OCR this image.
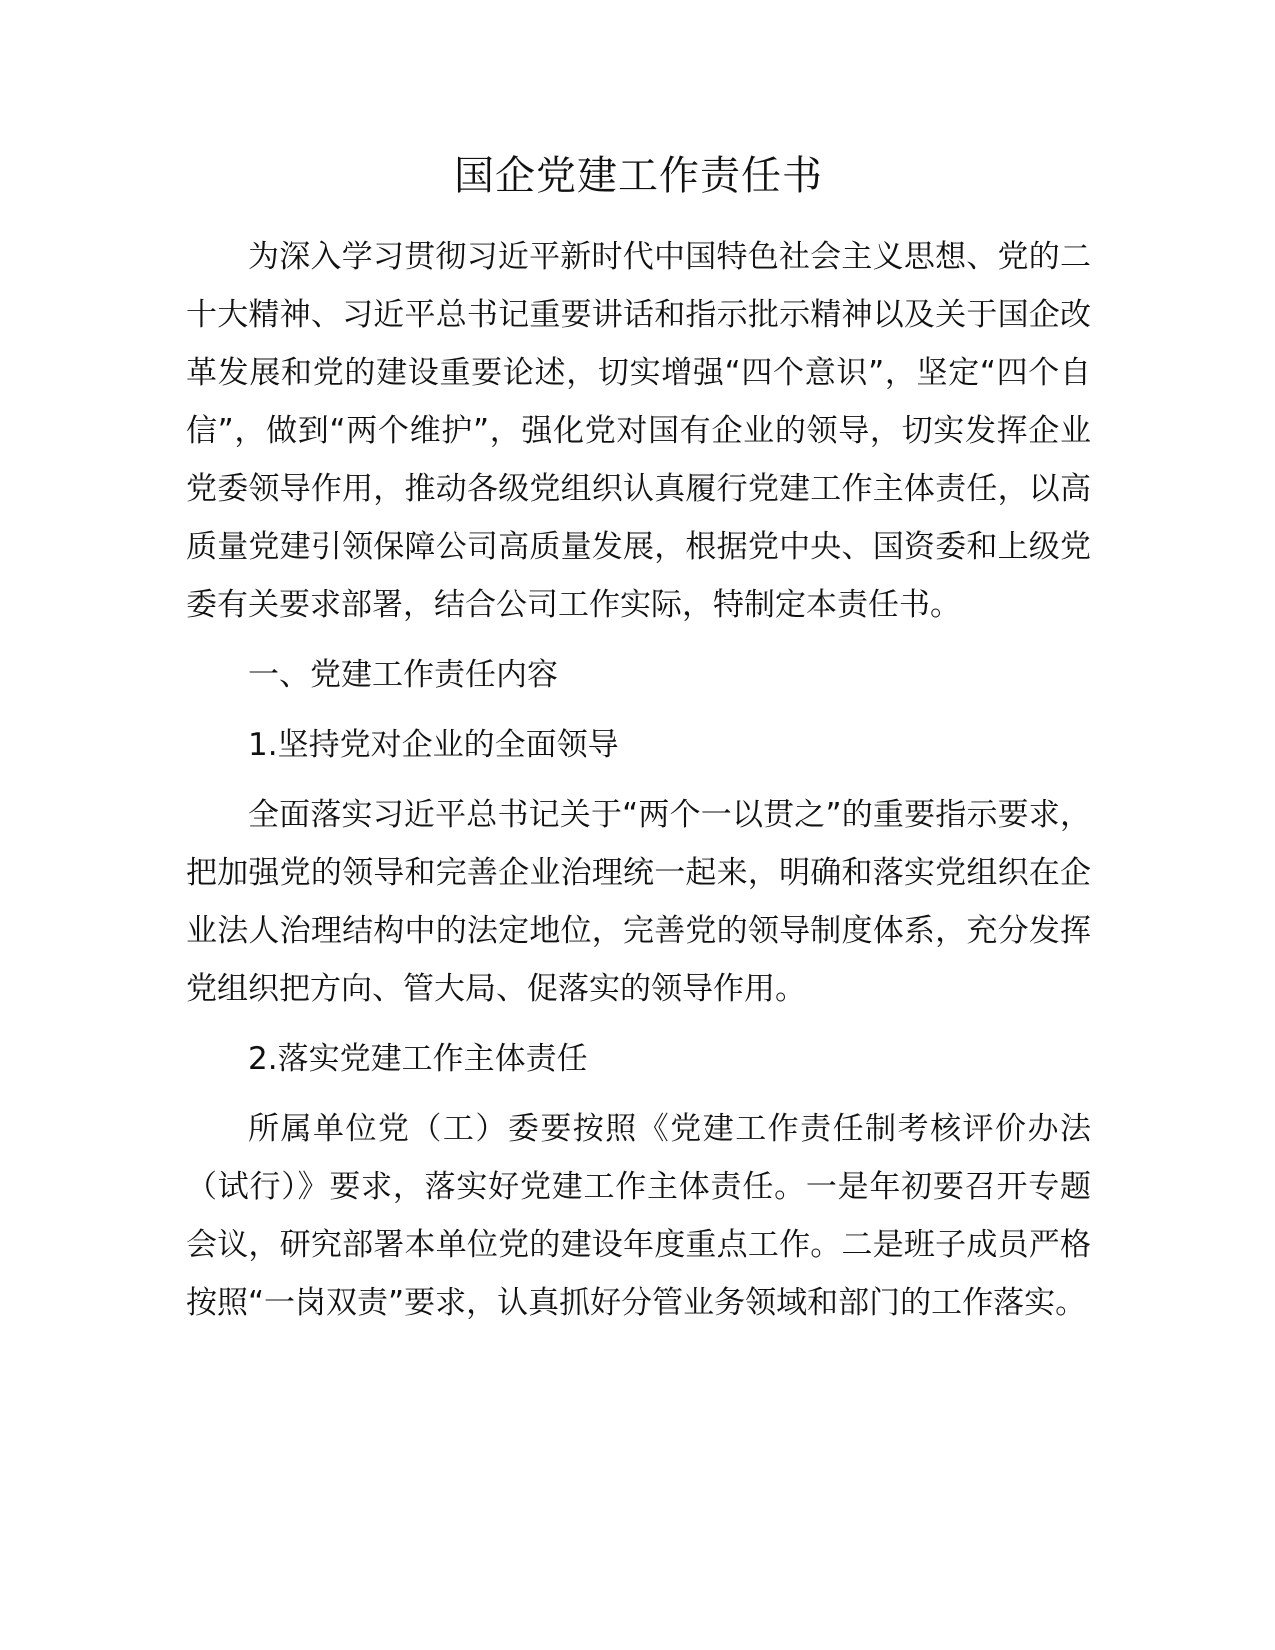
国企党建工作责任书

为深入学习贯彻习近平新时代中国特色社会主义思想、党的二十大精神、习近平总书记重要讲话和指示批示精神以及关于国企改革发展和党的建设重要论述，切实增强“四个意识”，坚定“四个自信”，做到“两个维护”，强化党对国有企业的领导，切实发挥企业党委领导作用，推动各级党组织认真履行党建工作主体责任，以高质量党建引领保障公司高质量发展，根据党中央、国资委和上级党委有关要求部署，结合公司工作实际，特制定本责任书。

一、党建工作责任内容

1.坚持党对企业的全面领导

全面落实习近平总书记关于“两个一以贯之”的重要指示要求，把加强党的领导和完善企业治理统一起来，明确和落实党组织在企业法人治理结构中的法定地位，完善党的领导制度体系，充分发挥党组织把方向、管大局、促落实的领导作用。

2.落实党建工作主体责任

所属单位党（工）委要按照《党建工作责任制考核评价办法（试行）》要求，落实好党建工作主体责任。一是年初要召开专题会议，研究部署本单位党的建设年度重点工作。二是班子成员严格按照“一岗双责”要求，认真抓好分管业务领域和部门的工作落实。
